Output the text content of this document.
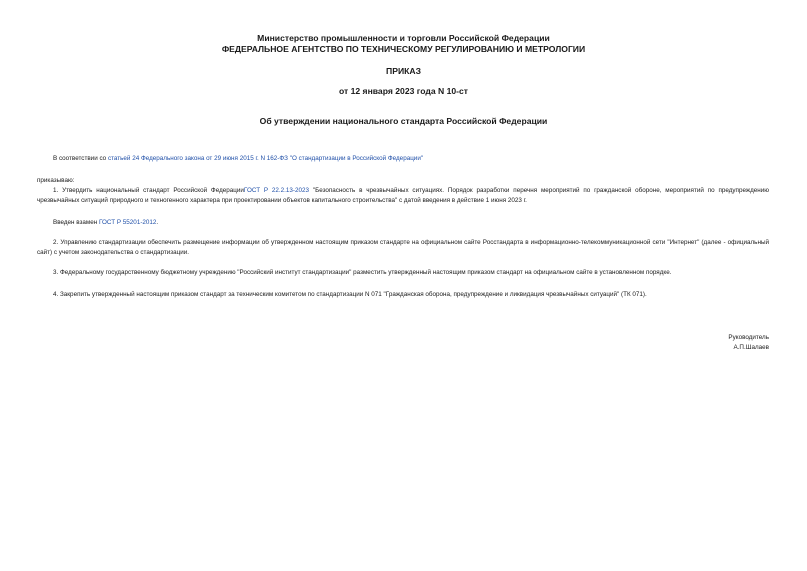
Министерство промышленности и торговли Российской Федерации
ФЕДЕРАЛЬНОЕ АГЕНТСТВО ПО ТЕХНИЧЕСКОМУ РЕГУЛИРОВАНИЮ И МЕТРОЛОГИИ
ПРИКАЗ
от 12 января 2023 года N 10-ст
Об утверждении национального стандарта Российской Федерации
В соответствии со статьей 24 Федерального закона от 29 июня 2015 г. N 162-ФЗ "О стандартизации в Российской Федерации"
приказываю:
1. Утвердить национальный стандарт Российской ФедерацииГОСТ Р 22.2.13-2023 "Безопасность в чрезвычайных ситуациях. Порядок разработки перечня мероприятий по гражданской обороне, мероприятий по предупреждению чрезвычайных ситуаций природного и техногенного характера при проектировании объектов капитального строительства" с датой введения в действие 1 июня 2023 г.
Введен взамен ГОСТ Р 55201-2012.
2. Управлению стандартизации обеспечить размещение информации об утвержденном настоящим приказом стандарте на официальном сайте Росстандарта в информационно-телекоммуникационной сети "Интернет" (далее - официальный сайт) с учетом законодательства о стандартизации.
3. Федеральному государственному бюджетному учреждению "Российский институт стандартизации" разместить утвержденный настоящим приказом стандарт на официальном сайте в установленном порядке.
4. Закрепить утвержденный настоящим приказом стандарт за техническим комитетом по стандартизации N 071 "Гражданская оборона, предупреждение и ликвидация чрезвычайных ситуаций" (ТК 071).
Руководитель
А.П.Шалаев
